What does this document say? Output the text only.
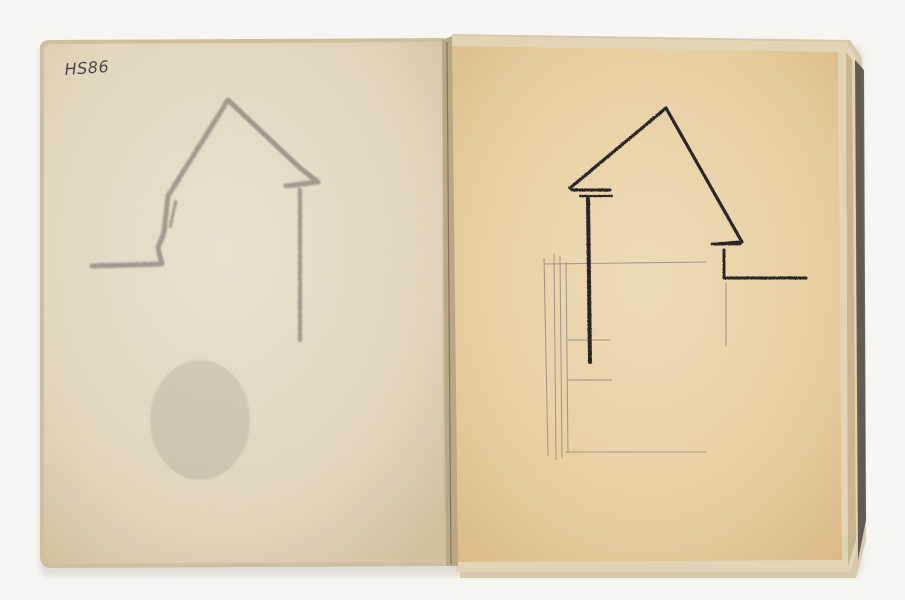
HS86
